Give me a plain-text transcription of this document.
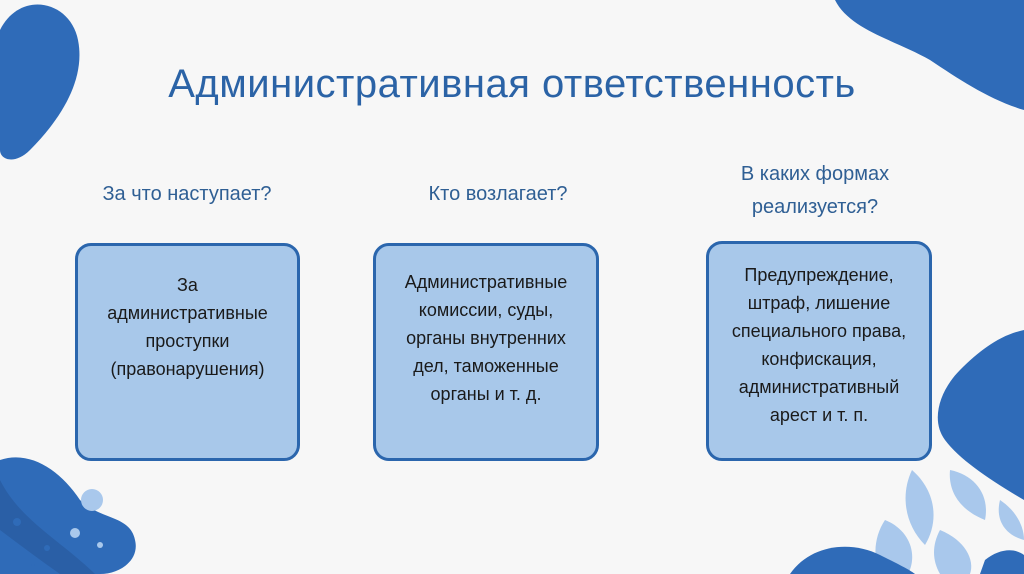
Административная ответственность
За что наступает?
За
административные
проступки
(правонарушения)
Кто возлагает?
Административные
комиссии, суды,
органы внутренних
дел, таможенные
органы и т. д.
В каких формах
реализуется?
Предупреждение,
штраф, лишение
специального права,
конфискация,
административный
арест и т. п.
